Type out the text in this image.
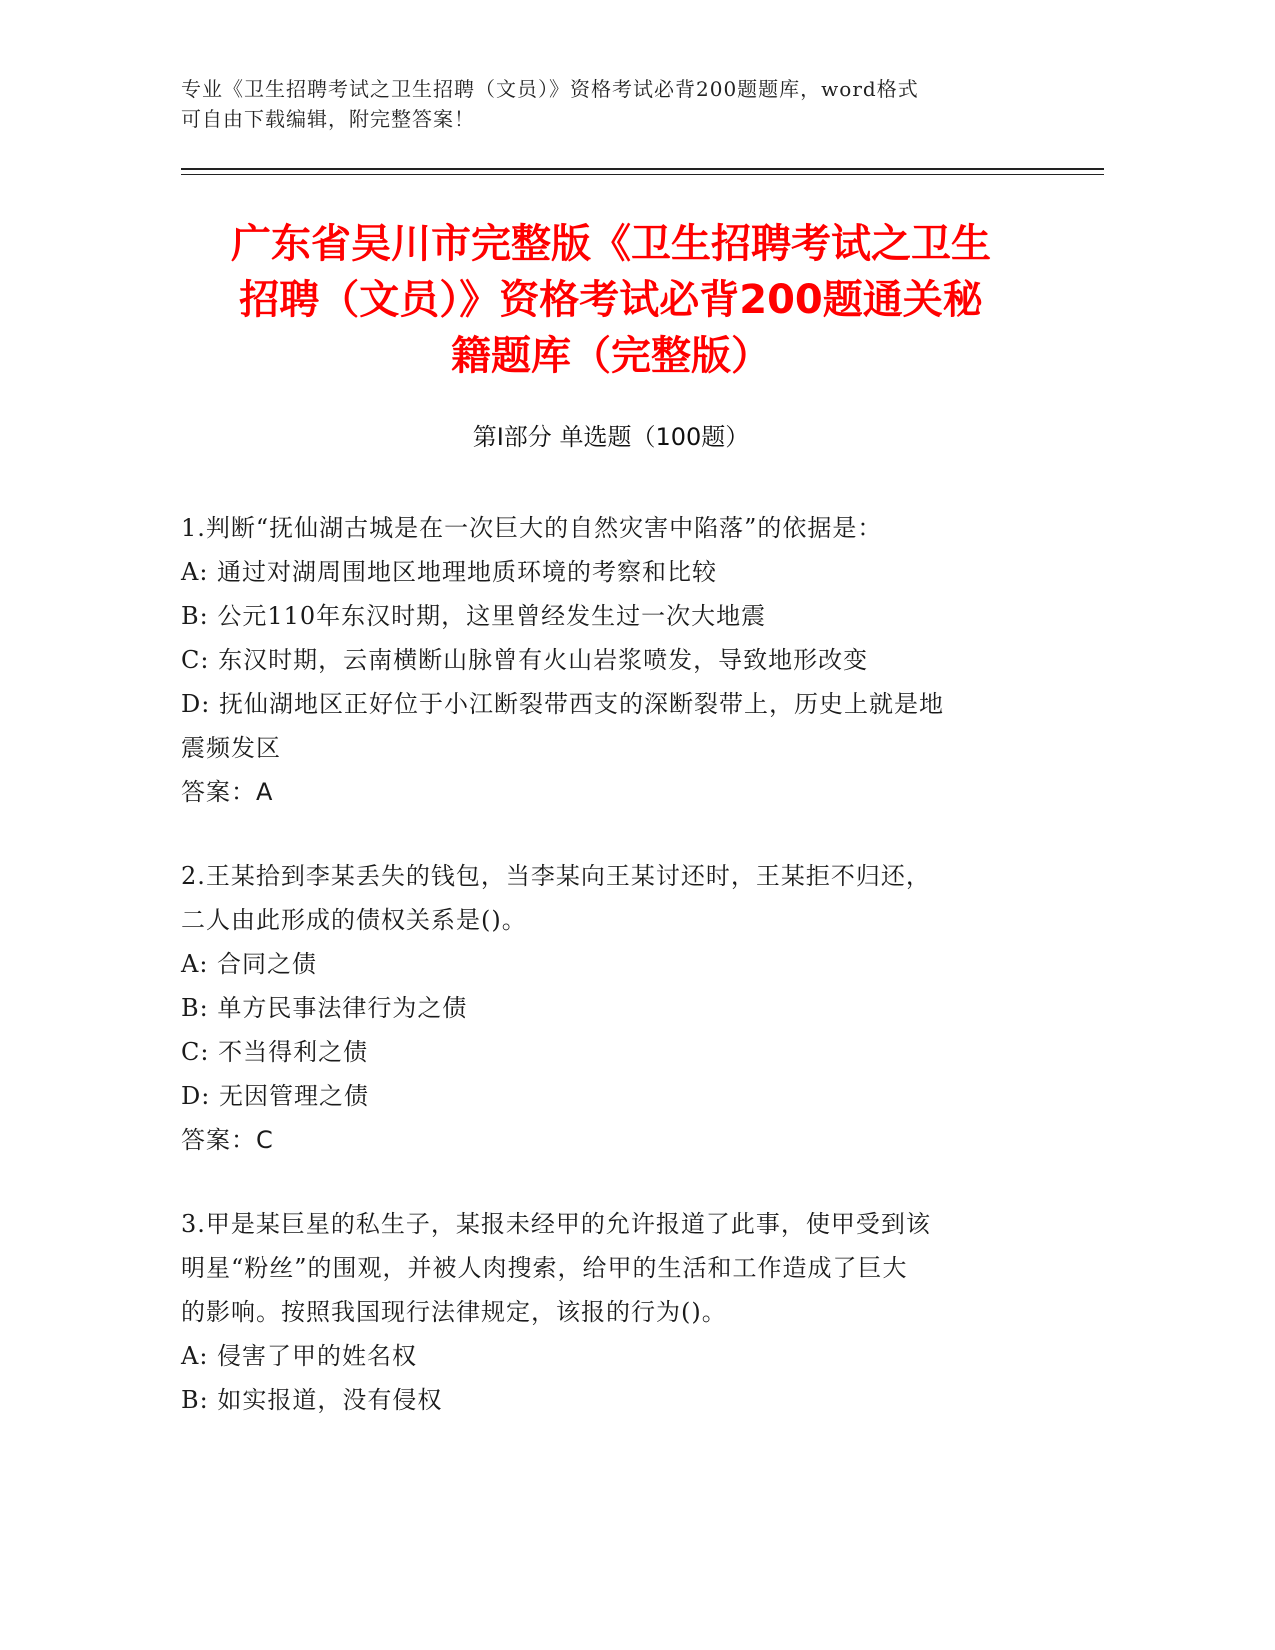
专业《卫生招聘考试之卫生招聘（文员）》资格考试必背200题题库，word格式

可自由下载编辑，附完整答案！

广东省吴川市完整版《卫生招聘考试之卫生
招聘（文员）》资格考试必背200题通关秘
籍题库（完整版）
第I部分 单选题（100题）

1.判断“抚仙湖古城是在一次巨大的自然灾害中陷落”的依据是：

A: 通过对湖周围地区地理地质环境的考察和比较

B: 公元110年东汉时期，这里曾经发生过一次大地震

C: 东汉时期，云南横断山脉曾有火山岩浆喷发，导致地形改变

D: 抚仙湖地区正好位于小江断裂带西支的深断裂带上，历史上就是地

震频发区

答案：A

2.王某拾到李某丢失的钱包，当李某向王某讨还时，王某拒不归还，

二人由此形成的债权关系是()。

A: 合同之债

B: 单方民事法律行为之债

C: 不当得利之债

D: 无因管理之债

答案：C

3.甲是某巨星的私生子，某报未经甲的允许报道了此事，使甲受到该

明星“粉丝”的围观，并被人肉搜索，给甲的生活和工作造成了巨大

的影响。按照我国现行法律规定，该报的行为()。

A: 侵害了甲的姓名权

B: 如实报道，没有侵权
